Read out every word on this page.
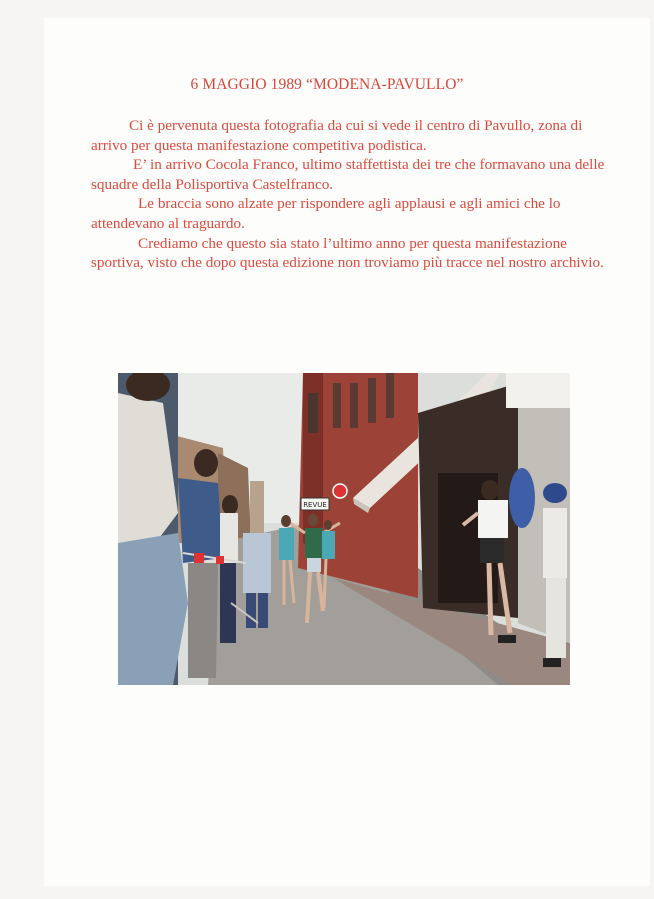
6 MAGGIO 1989 “MODENA-PAVULLO”

Ci è pervenuta questa fotografia da cui si vede il centro di Pavullo, zona di arrivo per questa manifestazione competitiva podistica.

E’ in arrivo Cocola Franco, ultimo staffettista dei tre che formavano una delle squadre della Polisportiva Castelfranco.

Le braccia sono alzate per rispondere agli applausi e agli amici che lo attendevano al traguardo.

Crediamo che questo sia stato l’ultimo anno per questa manifestazione sportiva, visto che dopo questa edizione non troviamo più tracce nel nostro archivio.

REVUE
